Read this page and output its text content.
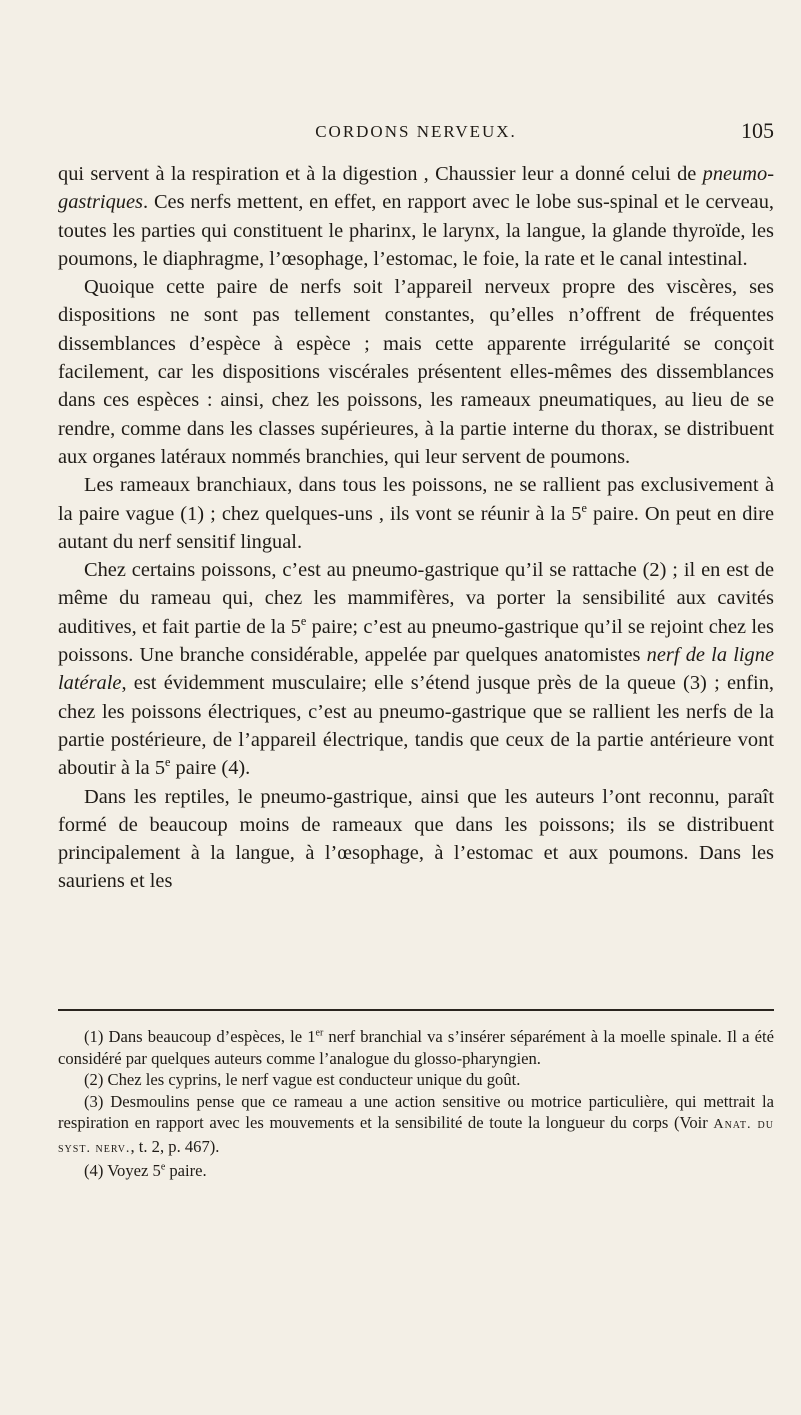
CORDONS NERVEUX.	105

qui servent à la respiration et à la digestion , Chaussier leur a donné celui de pneumo-gastriques. Ces nerfs mettent, en effet, en rapport avec le lobe sus-spinal et le cerveau, toutes les parties qui constituent le pharinx, le larynx, la langue, la glande thyroïde, les poumons, le diaphragme, l’œsophage, l’estomac, le foie, la rate et le canal intestinal.

Quoique cette paire de nerfs soit l’appareil nerveux propre des viscères, ses dispositions ne sont pas tellement constantes, qu’elles n’offrent de fréquentes dissemblances d’espèce à espèce ; mais cette apparente irrégularité se conçoit facilement, car les dispositions viscérales présentent elles-mêmes des dissemblances dans ces espèces : ainsi, chez les poissons, les rameaux pneumatiques, au lieu de se rendre, comme dans les classes supérieures, à la partie interne du thorax, se distribuent aux organes latéraux nommés branchies, qui leur servent de poumons.

Les rameaux branchiaux, dans tous les poissons, ne se rallient pas exclusivement à la paire vague (1) ; chez quelques-uns , ils vont se réunir à la 5e paire. On peut en dire autant du nerf sensitif lingual.

Chez certains poissons, c’est au pneumo-gastrique qu’il se rattache (2) ; il en est de même du rameau qui, chez les mammifères, va porter la sensibilité aux cavités auditives, et fait partie de la 5e paire; c’est au pneumo-gastrique qu’il se rejoint chez les poissons. Une branche considérable, appelée par quelques anatomistes nerf de la ligne latérale, est évidemment musculaire; elle s’étend jusque près de la queue (3) ; enfin, chez les poissons électriques, c’est au pneumo-gastrique que se rallient les nerfs de la partie postérieure, de l’appareil électrique, tandis que ceux de la partie antérieure vont aboutir à la 5e paire (4).

Dans les reptiles, le pneumo-gastrique, ainsi que les auteurs l’ont reconnu, paraît formé de beaucoup moins de rameaux que dans les poissons; ils se distribuent principalement à la langue, à l’œsophage, à l’estomac et aux poumons. Dans les sauriens et les

(1) Dans beaucoup d’espèces, le 1er nerf branchial va s’insérer séparément à la moelle spinale. Il a été considéré par quelques auteurs comme l’analogue du glosso-pharyngien.

(2) Chez les cyprins, le nerf vague est conducteur unique du goût.

(3) Desmoulins pense que ce rameau a une action sensitive ou motrice particulière, qui mettrait la respiration en rapport avec les mouvements et la sensibilité de toute la longueur du corps (Voir Anat. du syst. nerv., t. 2, p. 467).

(4) Voyez 5e paire.
